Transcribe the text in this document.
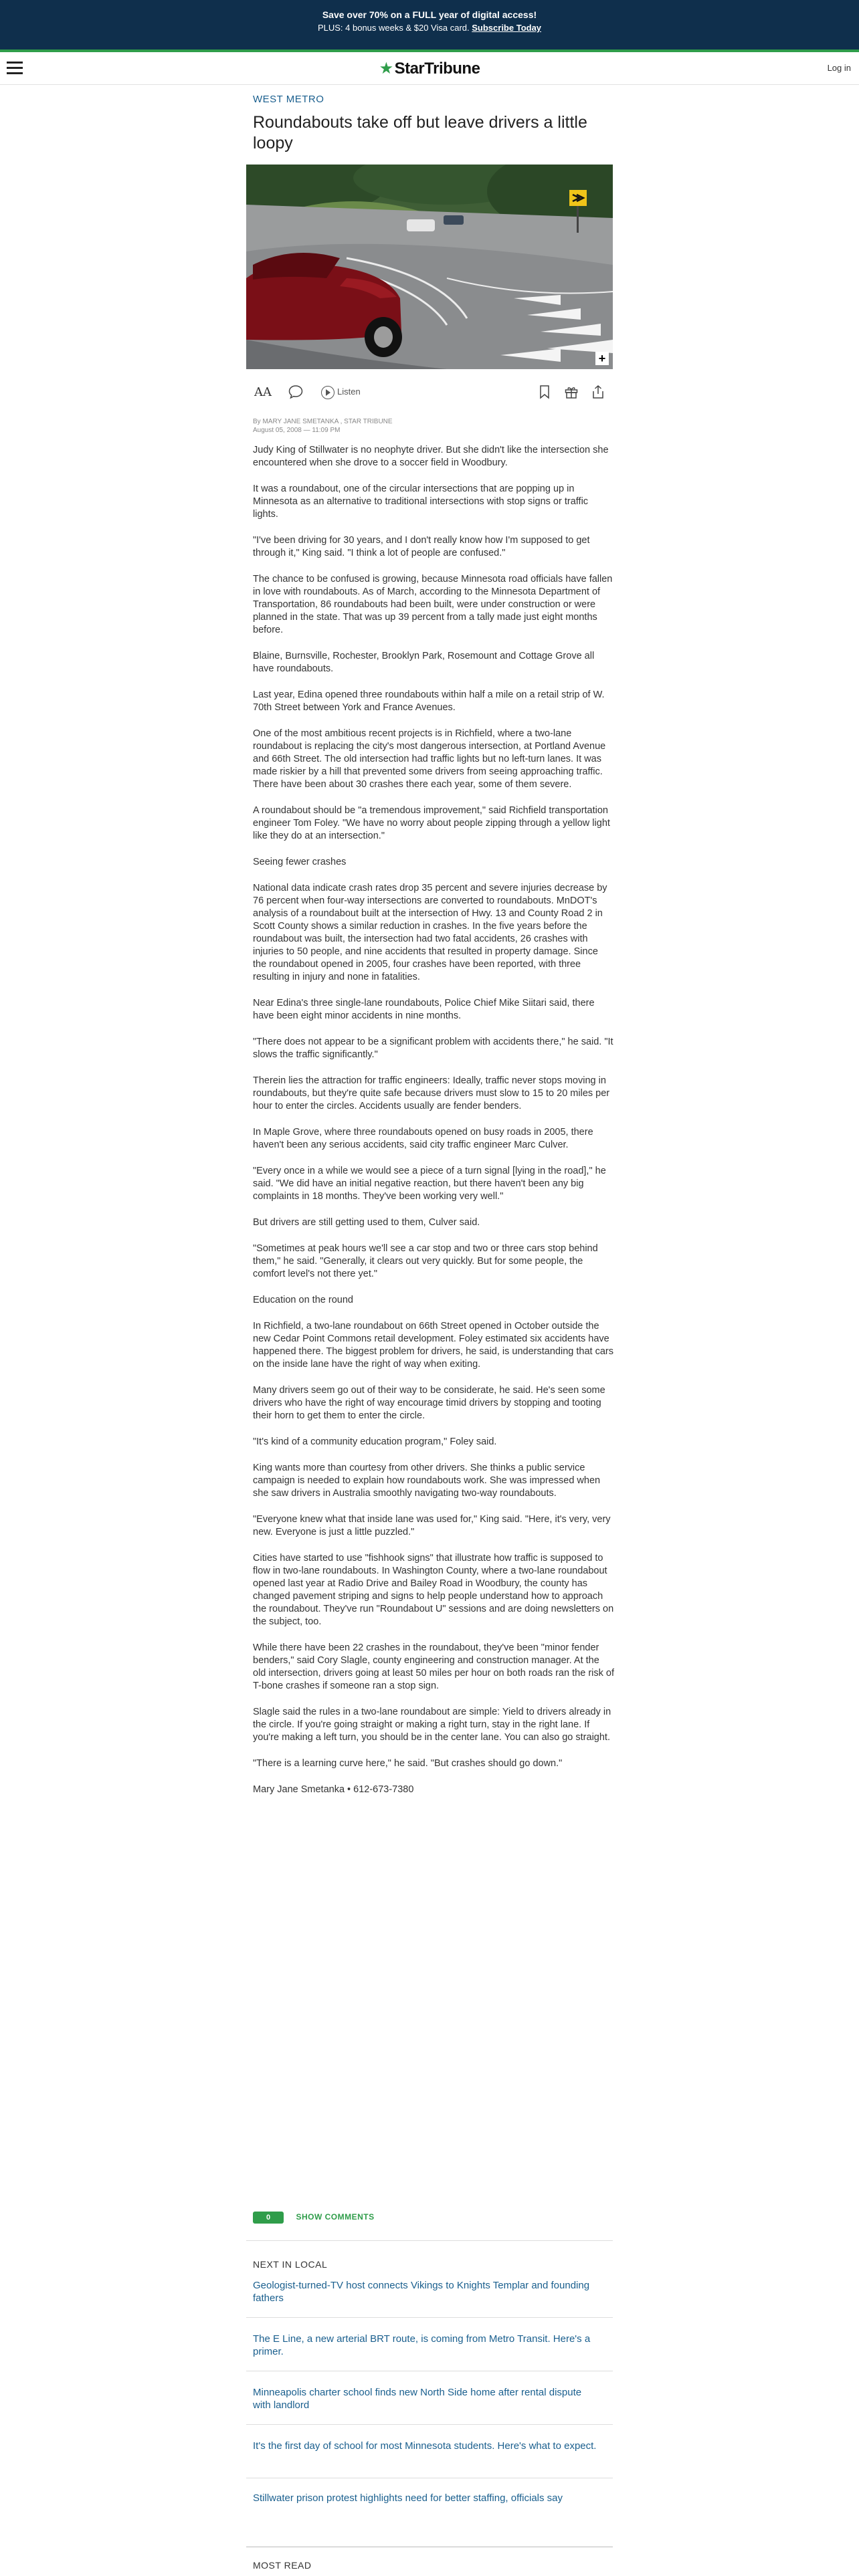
Save over 70% on a FULL year of digital access!
PLUS: 4 bonus weeks & $20 Visa card. Subscribe Today
★StarTribune	Log in
WEST METRO
Roundabouts take off but leave drivers a little loopy
+
AA	Listen
By MARY JANE SMETANKA , STAR TRIBUNE
August 05, 2008 — 11:09 PM

Judy King of Stillwater is no neophyte driver. But she didn't like the intersection she encountered when she drove to a soccer field in Woodbury.

It was a roundabout, one of the circular intersections that are popping up in Minnesota as an alternative to traditional intersections with stop signs or traffic lights.

"I've been driving for 30 years, and I don't really know how I'm supposed to get through it," King said. "I think a lot of people are confused."

The chance to be confused is growing, because Minnesota road officials have fallen in love with roundabouts. As of March, according to the Minnesota Department of Transportation, 86 roundabouts had been built, were under construction or were planned in the state. That was up 39 percent from a tally made just eight months before.

Blaine, Burnsville, Rochester, Brooklyn Park, Rosemount and Cottage Grove all have roundabouts.

Last year, Edina opened three roundabouts within half a mile on a retail strip of W. 70th Street between York and France Avenues.

One of the most ambitious recent projects is in Richfield, where a two-lane roundabout is replacing the city's most dangerous intersection, at Portland Avenue and 66th Street. The old intersection had traffic lights but no left-turn lanes. It was made riskier by a hill that prevented some drivers from seeing approaching traffic. There have been about 30 crashes there each year, some of them severe.

A roundabout should be "a tremendous improvement," said Richfield transportation engineer Tom Foley. "We have no worry about people zipping through a yellow light like they do at an intersection."

Seeing fewer crashes

National data indicate crash rates drop 35 percent and severe injuries decrease by 76 percent when four-way intersections are converted to roundabouts. MnDOT's analysis of a roundabout built at the intersection of Hwy. 13 and County Road 2 in Scott County shows a similar reduction in crashes. In the five years before the roundabout was built, the intersection had two fatal accidents, 26 crashes with injuries to 50 people, and nine accidents that resulted in property damage. Since the roundabout opened in 2005, four crashes have been reported, with three resulting in injury and none in fatalities.

Near Edina's three single-lane roundabouts, Police Chief Mike Siitari said, there have been eight minor accidents in nine months.

"There does not appear to be a significant problem with accidents there," he said. "It slows the traffic significantly."

Therein lies the attraction for traffic engineers: Ideally, traffic never stops moving in roundabouts, but they're quite safe because drivers must slow to 15 to 20 miles per hour to enter the circles. Accidents usually are fender benders.

In Maple Grove, where three roundabouts opened on busy roads in 2005, there haven't been any serious accidents, said city traffic engineer Marc Culver.

"Every once in a while we would see a piece of a turn signal [lying in the road]," he said. "We did have an initial negative reaction, but there haven't been any big complaints in 18 months. They've been working very well."

But drivers are still getting used to them, Culver said.

"Sometimes at peak hours we'll see a car stop and two or three cars stop behind them," he said. "Generally, it clears out very quickly. But for some people, the comfort level's not there yet."

Education on the round

In Richfield, a two-lane roundabout on 66th Street opened in October outside the new Cedar Point Commons retail development. Foley estimated six accidents have happened there. The biggest problem for drivers, he said, is understanding that cars on the inside lane have the right of way when exiting.

Many drivers seem go out of their way to be considerate, he said. He's seen some drivers who have the right of way encourage timid drivers by stopping and tooting their horn to get them to enter the circle.

"It's kind of a community education program," Foley said.

King wants more than courtesy from other drivers. She thinks a public service campaign is needed to explain how roundabouts work. She was impressed when she saw drivers in Australia smoothly navigating two-way roundabouts.

"Everyone knew what that inside lane was used for," King said. "Here, it's very, very new. Everyone is just a little puzzled."

Cities have started to use "fishhook signs" that illustrate how traffic is supposed to flow in two-lane roundabouts. In Washington County, where a two-lane roundabout opened last year at Radio Drive and Bailey Road in Woodbury, the county has changed pavement striping and signs to help people understand how to approach the roundabout. They've run "Roundabout U" sessions and are doing newsletters on the subject, too.

While there have been 22 crashes in the roundabout, they've been "minor fender benders," said Cory Slagle, county engineering and construction manager. At the old intersection, drivers going at least 50 miles per hour on both roads ran the risk of T-bone crashes if someone ran a stop sign.

Slagle said the rules in a two-lane roundabout are simple: Yield to drivers already in the circle. If you're going straight or making a right turn, stay in the right lane. If you're making a left turn, you should be in the center lane. You can also go straight.

"There is a learning curve here," he said. "But crashes should go down."

Mary Jane Smetanka • 612-673-7380

0	SHOW COMMENTS
NEXT IN LOCAL
Geologist-turned-TV host connects Vikings to Knights Templar and founding fathers
The E Line, a new arterial BRT route, is coming from Metro Transit. Here's a primer.
Minneapolis charter school finds new North Side home after rental dispute with landlord
It's the first day of school for most Minnesota students. Here's what to expect.
Stillwater prison protest highlights need for better staffing, officials say
MOST READ
